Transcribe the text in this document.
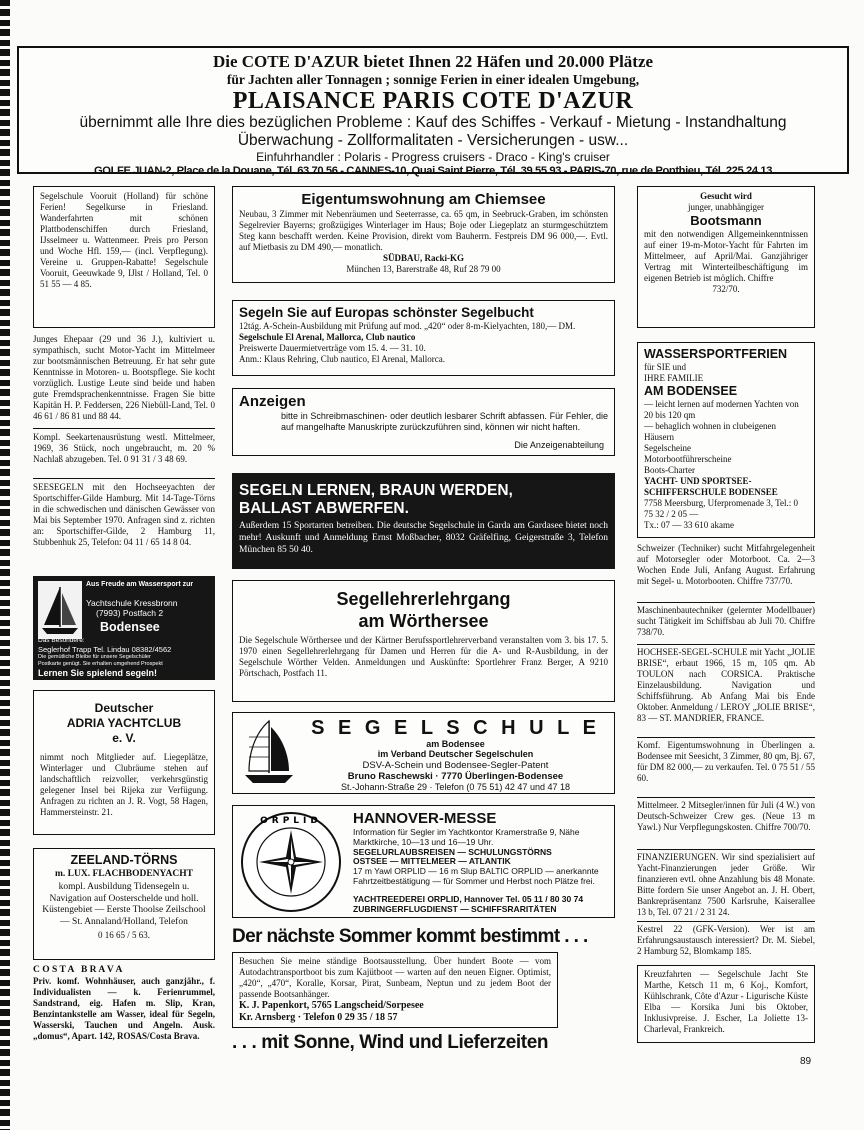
Die COTE D'AZUR bietet Ihnen 22 Häfen und 20.000 Plätze
für Jachten aller Tonnagen ; sonnige Ferien in einer idealen Umgebung,
PLAISANCE PARIS COTE D'AZUR
übernimmt alle Ihre dies bezüglichen Probleme : Kauf des Schiffes - Verkauf - Mietung - Instandhaltung
Überwachung - Zollformalitaten - Versicherungen - usw...
Einfuhrhandler : Polaris - Progress cruisers - Draco - King's cruiser
GOLFE JUAN-2, Place de la Douane, Tél. 63.70.56 - CANNES-10, Quai Saint Pierre, Tél. 39.55.93 - PARIS-70, rue de Ponthieu, Tél. 225.24.13
Segelschule Vooruit (Holland) für schöne Ferien! Segelkurse in Friesland. Wanderfahrten mit schönen Plattbodenschiffen durch Friesland, IJsselmeer u. Wattenmeer. Preis pro Person und Woche Hfl. 159,— (incl. Verpflegung). Vereine u. Gruppen-Rabatte! Segelschule Vooruit, Geeuwkade 9, IJlst / Holland, Tel. 0 51 55 — 4 85.
Junges Ehepaar (29 und 36 J.), kultiviert u. sympathisch, sucht Motor-Yacht im Mittelmeer zur bootsmännischen Betreuung. Er hat sehr gute Kenntnisse in Motoren- u. Bootspflege. Sie kocht vorzüglich. Lustige Leute sind beide und haben gute Fremdsprachenkenntnisse. Fragen Sie bitte Kapitän H. P. Feddersen, 226 Niebüll-Land, Tel. 0 46 61 / 86 81 und 88 44.
Kompl. Seekartenausrüstung westl. Mittelmeer, 1969, 36 Stück, noch ungebraucht, m. 20 % Nachlaß abzugeben. Tel. 0 91 31 / 3 48 69.
SEESEGELN mit den Hochseeyachten der Sportschiffer-Gilde Hamburg. Mit 14-Tage-Törns in die schwedischen und dänischen Gewässer von Mai bis September 1970. Anfragen sind z. richten an: Sportschiffer-Gilde, 2 Hamburg 11, Stubbenhuk 25, Telefon: 04 11 / 65 14 8 04.
Aus Freude am Wassersport zur
Yachtschule Kressbronn
(7993) Postfach 2
Bodensee
Das Besondere:
Seglerhof Trapp Tel. Lindau 08382/4562
Die gemütliche Bleibe für unsere Segelschüler
Postkarte genügt. Sie erhalten umgehend Prospekt
Lernen Sie spielend segeln!
Deutscher
ADRIA YACHTCLUB
e. V.
nimmt noch Mitglieder auf. Liegeplätze, Winterlager und Clubräume stehen auf landschaftlich reizvoller, verkehrsgünstig gelegener Insel bei Rijeka zur Verfügung. Anfragen zu richten an J. R. Vogt, 58 Hagen, Hammersteinstr. 21.
ZEELAND-TÖRNS
m. LUX. FLACHBODENYACHT
kompl. Ausbildung Tidensegeln u. Navigation auf Oosterschelde und holl. Küstengebiet — Eerste Thoolse Zeilschool — St. Annaland/Holland, Telefon
0 16 65 / 5 63.
C O S T A   B R A V A
Priv. komf. Wohnhäuser, auch ganzjähr., f. Individualisten — k. Ferienrummel, Sandstrand, eig. Hafen m. Slip, Kran, Benzintankstelle am Wasser, ideal für Segeln, Wasserski, Tauchen und Angeln. Ausk. „domus“, Apart. 142, ROSAS/Costa Brava.
Eigentumswohnung am Chiemsee
Neubau, 3 Zimmer mit Nebenräumen und Seeterrasse, ca. 65 qm, in Seebruck-Graben, im schönsten Segelrevier Bayerns; großzügiges Winterlager im Haus; Boje oder Liegeplatz an sturmgeschütztem Steg kann beschafft werden. Keine Provision, direkt vom Bauherrn. Festpreis DM 96 000,—. Evtl. auf Mietbasis zu DM 490,— monatlich.
SÜDBAU, Racki-KG
München 13, Barerstraße 48, Ruf 28 79 00
Segeln Sie auf Europas schönster Segelbucht
12tág. A-Schein-Ausbildung mit Prüfung auf mod. „420“ oder 8-m-Kielyachten, 180,— DM.
Segelschule El Arenal, Mallorca, Club nautico
Preiswerte Dauermietverträge vom 15. 4. — 31. 10.
Anm.: Klaus Rehring, Club nautico, El Arenal, Mallorca.
Anzeigen
bitte in Schreibmaschinen- oder deutlich lesbarer Schrift abfassen. Für Fehler, die auf mangelhafte Manuskripte zurückzuführen sind, können wir nicht haften.
Die Anzeigenabteilung
SEGELN LERNEN, BRAUN WERDEN,
BALLAST ABWERFEN.
Außerdem 15 Sportarten betreiben. Die deutsche Segelschule in Garda am Gardasee bietet noch mehr! Auskunft und Anmeldung Ernst Moßbacher, 8032 Gräfelfing, Geigerstraße 3, Telefon München 85 50 40.
Segellehrerlehrgang
am Wörthersee
Die Segelschule Wörthersee und der Kärtner Berufssportlehrerverband veranstalten vom 3. bis 17. 5. 1970 einen Segellehrerlehrgang für Damen und Herren für die A- und R-Ausbildung, in der Segelschule Wörther Velden. Anmeldungen und Auskünfte: Sportlehrer Franz Berger, A 9210 Pörtschach, Postfach 11.
S E G E L S C H U L E
am Bodensee
im Verband Deutscher Segelschulen
DSV-A-Schein und Bodensee-Segler-Patent
Bruno Raschewski · 7770 Überlingen-Bodensee
St.-Johann-Straße 29 · Telefon (0 75 51) 42 47 und 47 18
ORPLID HANNOVER-MESSE
Information für Segler im Yachtkontor Kramerstraße 9, Nähe Marktkirche, 10—13 und 16—19 Uhr.
SEGELURLAUBSREISEN — SCHULUNGSTÖRNS
OSTSEE — MITTELMEER — ATLANTIK
17 m Yawl ORPLID — 16 m Slup BALTIC ORPLID — anerkannte Fahrtzeitbestätigung — für Sommer und Herbst noch Plätze frei.
YACHTREEDEREI ORPLID, Hannover Tel. 05 11 / 80 30 74
ZUBRINGERFLUGDIENST — SCHIFFSRARITÄTEN
Der nächste Sommer kommt bestimmt . . .
Besuchen Sie meine ständige Bootsausstellung. Über hundert Boote — vom Autodachtransportboot bis zum Kajütboot — warten auf den neuen Eigner. Optimist, „420“, „470“, Koralle, Korsar, Pirat, Sunbeam, Neptun und zu jedem Boot der passende Bootsanhänger.
K. J. Papenkort, 5765 Langscheid/Sorpesee
Kr. Arnsberg · Telefon 0 29 35 / 18 57
. . . mit Sonne, Wind und Lieferzeiten
Gesucht wird
junger, unabhängiger
Bootsmann
mit den notwendigen Allgemeinkenntnissen auf einer 19-m-Motor-Yacht für Fahrten im Mittelmeer, auf April/Mai. Ganzjähriger Vertrag mit Winterteilbeschäftigung im eigenen Betrieb ist möglich. Chiffre
732/70.
WASSERSPORTFERIEN
für SIE und
IHRE FAMILIE
AM BODENSEE
— leicht lernen auf modernen Yachten von 20 bis 120 qm
— behaglich wohnen in clubeigenen Häusern
Segelscheine
Motorbootführerscheine
Boots-Charter
YACHT- UND SPORTSEE-SCHIFFERSCHULE BODENSEE
7758 Meersburg, Uferpromenade 3, Tel.: 0 75 32 / 2 05 —
Tx.: 07 — 33 610 akame
Schweizer (Techniker) sucht Mitfahrgelegenheit auf Motorsegler oder Motorboot. Ca. 2—3 Wochen Ende Juli, Anfang August. Erfahrung mit Segel- u. Motorbooten. Chiffre 737/70.
Maschinenbautechniker (gelernter Modellbauer) sucht Tätigkeit im Schiffsbau ab Juli 70. Chiffre 738/70.
HOCHSEE-SEGEL-SCHULE mit Yacht „JOLIE BRISE“, erbaut 1966, 15 m, 105 qm. Ab TOULON nach CORSICA. Praktische Einzelausbildung. Navigation und Schiffsführung. Ab Anfang Mai bis Ende Oktober. Anmeldung / LEROY „JOLIE BRISE“, 83 — ST. MANDRIER, FRANCE.
Komf. Eigentumswohnung in Überlingen a. Bodensee mit Seesicht, 3 Zimmer, 80 qm, Bj. 67, für DM 82 000,— zu verkaufen. Tel. 0 75 51 / 55 60.
Mittelmeer. 2 Mitsegler/innen für Juli (4 W.) von Deutsch-Schweizer Crew ges. (Neue 13 m Yawl.) Nur Verpflegungskosten. Chiffre 700/70.
FINANZIERUNGEN. Wir sind spezialisiert auf Yacht-Finanzierungen jeder Größe. Wir finanzieren evtl. ohne Anzahlung bis 48 Monate. Bitte fordern Sie unser Angebot an. J. H. Obert, Bankrepräsentanz 7500 Karlsruhe, Kaiserallee 13 b, Tel. 07 21 / 2 31 24.
Kestrel 22 (GFK-Version). Wer ist am Erfahrungsaustausch interessiert? Dr. M. Siebel, 2 Hamburg 52, Blomkamp 185.
Kreuzfahrten — Segelschule Jacht Ste Marthe, Ketsch 11 m, 6 Koj., Komfort, Kühlschrank, Côte d'Azur - Ligurische Küste Elba — Korsika Juni bis Oktober, Inklusivpreise. J. Escher, La Joliette 13-Charleval, Frankreich.
89
